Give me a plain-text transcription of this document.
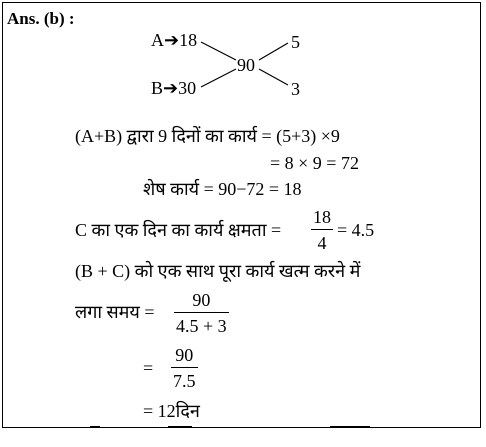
Ans. (b) :
A➔18
B➔30
90
5
3
(A+B) द्वारा 9 दिनों का कार्य = (5+3) ×9
= 8 × 9 = 72
शेष कार्य = 90−72 = 18
C का एक दिन का कार्य क्षमता =
18
4
= 4.5
(B + C) को एक साथ पूरा कार्य खत्म करने में
लगा समय =
90
4.5 + 3
=
90
7.5
= 12दिन
